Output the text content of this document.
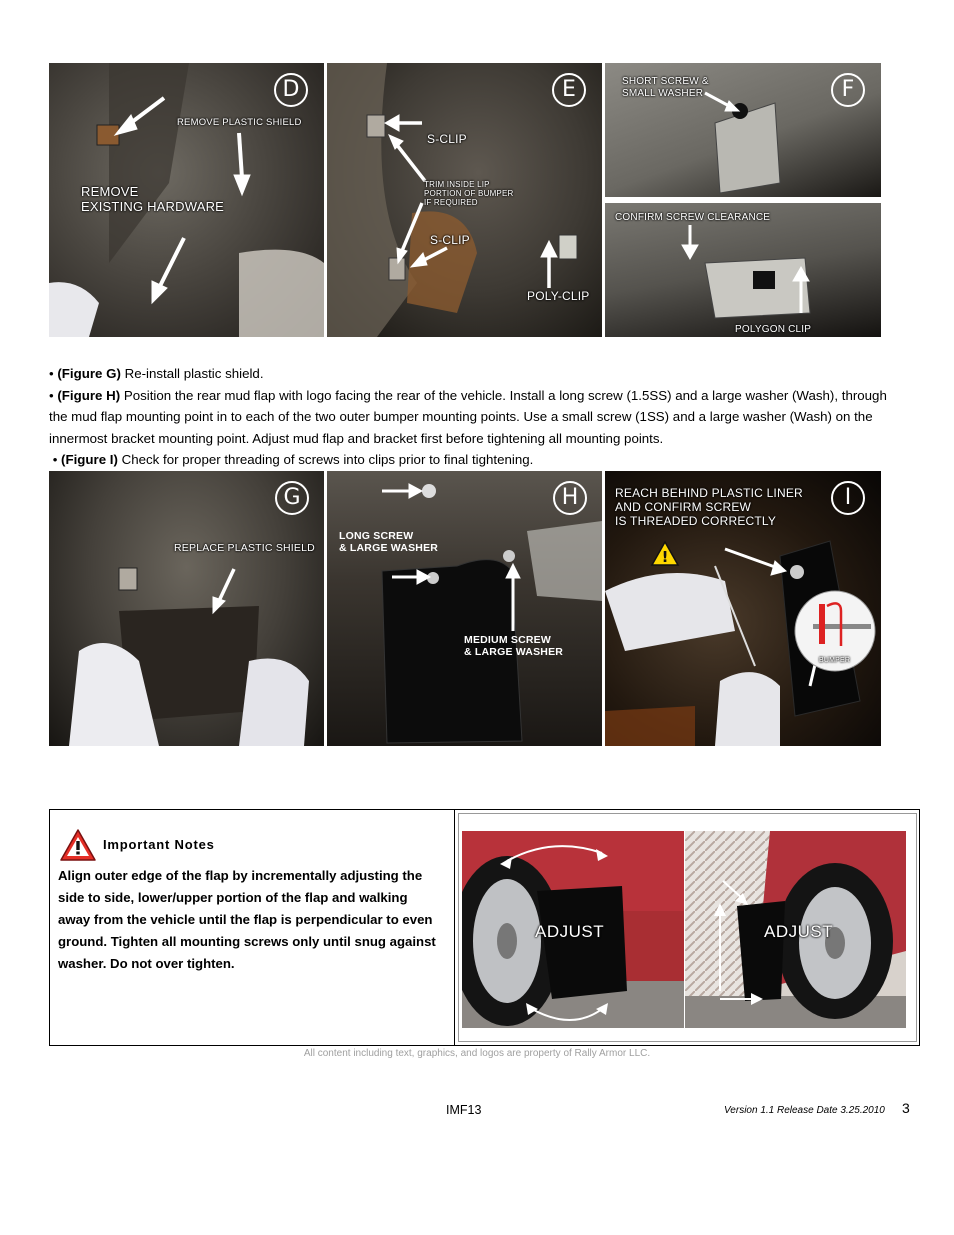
D
REMOVE PLASTIC SHIELD
REMOVE
EXISTING HARDWARE
E
S-CLIP
TRIM INSIDE LIP
PORTION OF BUMPER
IF REQUIRED
S-CLIP
POLY-CLIP
F
SHORT SCREW &
SMALL WASHER
CONFIRM SCREW CLEARANCE
POLYGON CLIP

• (Figure G) Re-install plastic shield.

• (Figure H) Position the rear mud flap with logo facing the rear of the vehicle. Install a long screw (1.5SS) and a large washer (Wash), through the mud flap mounting point in to each of the two outer bumper mounting points. Use a small screw (1SS) and a large washer (Wash) on the innermost bracket mounting point. Adjust mud flap and bracket first before tightening all mounting points.

• (Figure I) Check for proper threading of screws into clips prior to final tightening.

G
REPLACE PLASTIC SHIELD
H
LONG SCREW
& LARGE WASHER
MEDIUM SCREW
& LARGE WASHER
!
I
REACH BEHIND PLASTIC LINER
AND CONFIRM SCREW
IS THREADED CORRECTLY
BUMPER
Important Notes
Align outer edge of the flap by incrementally adjusting the side to side, lower/upper portion of the flap and walking away from the vehicle until the flap is perpendicular to even ground. Tighten all mounting screws only until snug against washer. Do not over tighten.
ADJUST	ADJUST
All content including text, graphics, and logos are property of Rally Armor LLC.
IMF13	Version 1.1 Release Date 3.25.2010 3
